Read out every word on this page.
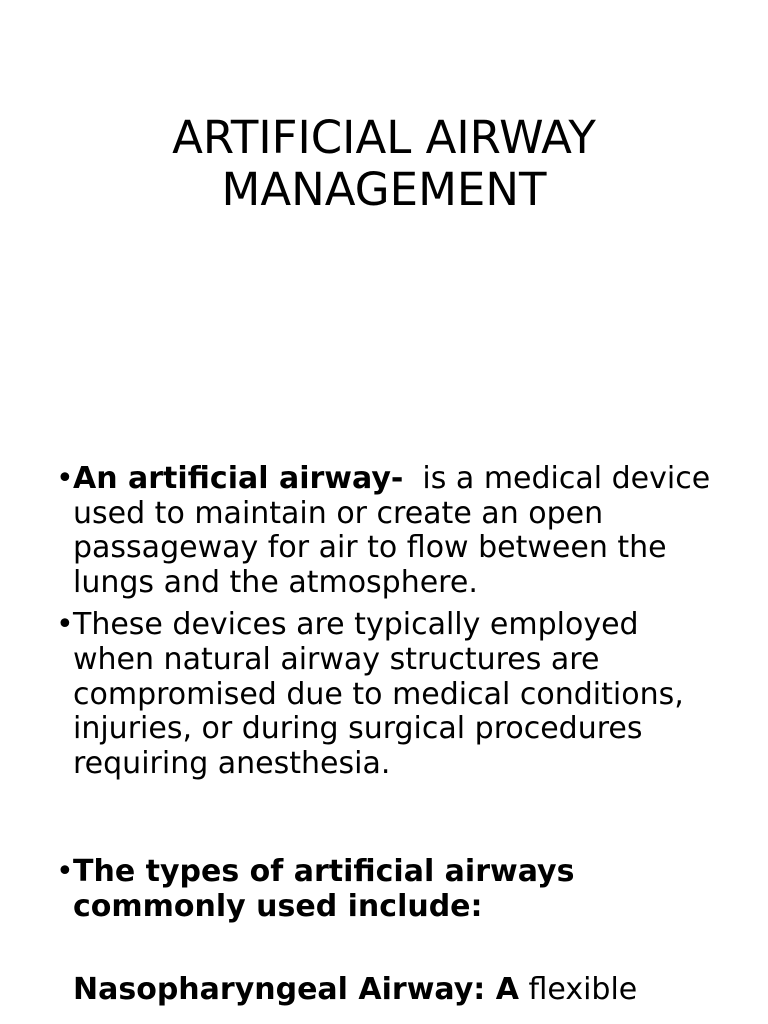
ARTIFICIAL AIRWAY
MANAGEMENT
• An artificial airway-  is a medical device used to maintain or create an open passageway for air to flow between the lungs and the atmosphere.
• These devices are typically employed when natural airway structures are compromised due to medical conditions, injuries, or during surgical procedures requiring anesthesia.
• The types of artificial airways commonly used include:
Nasopharyngeal Airway: A flexible
